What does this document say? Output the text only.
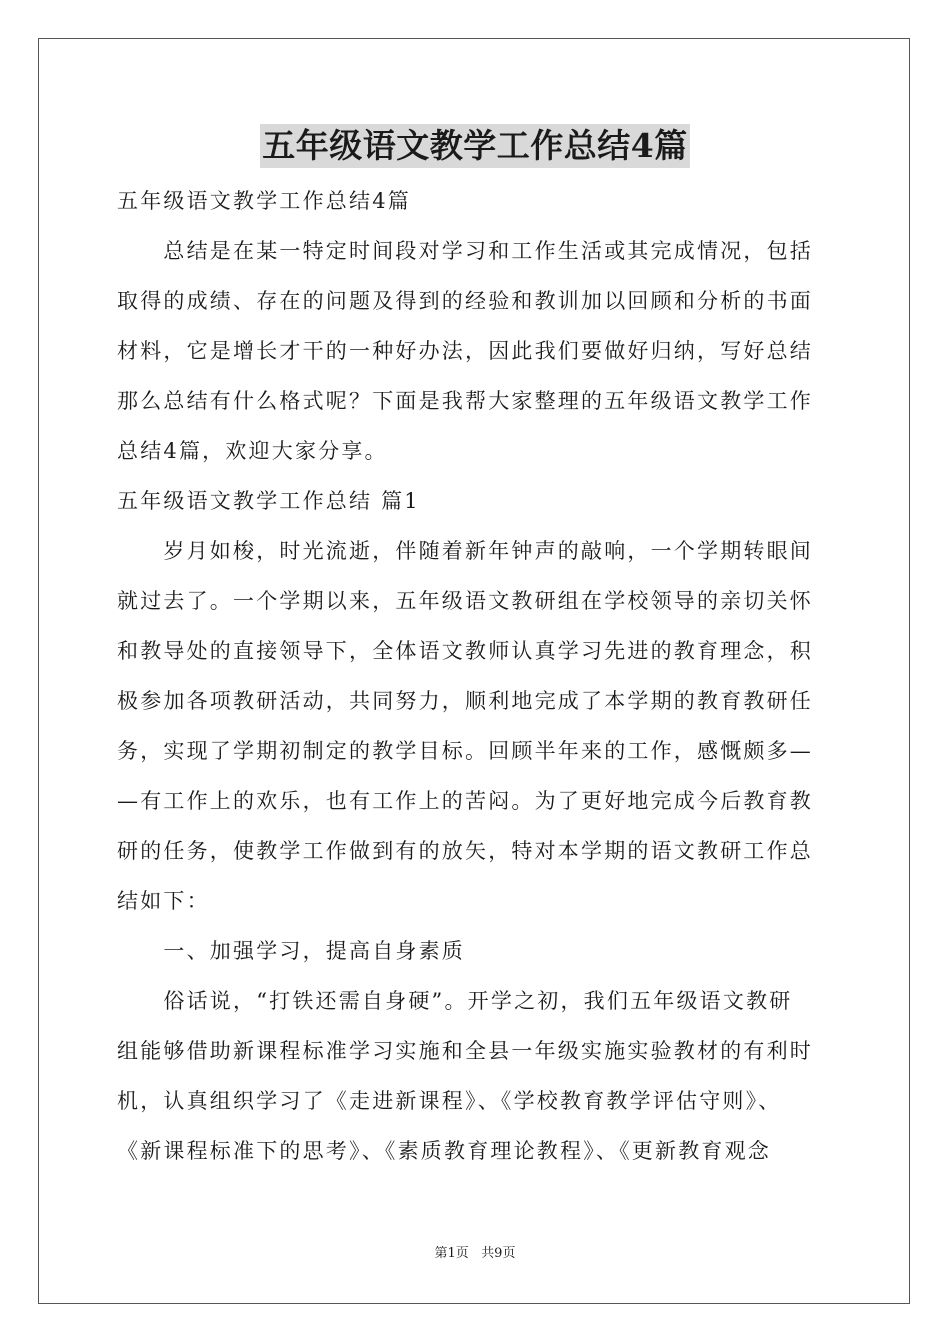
五年级语文教学工作总结4篇
五年级语文教学工作总结4篇
　　总结是在某一特定时间段对学习和工作生活或其完成情况，包括
取得的成绩、存在的问题及得到的经验和教训加以回顾和分析的书面
材料，它是增长才干的一种好办法，因此我们要做好归纳，写好总结
那么总结有什么格式呢？下面是我帮大家整理的五年级语文教学工作
总结4篇，欢迎大家分享。
五年级语文教学工作总结 篇1
　　岁月如梭，时光流逝，伴随着新年钟声的敲响，一个学期转眼间
就过去了。一个学期以来，五年级语文教研组在学校领导的亲切关怀
和教导处的直接领导下，全体语文教师认真学习先进的教育理念，积
极参加各项教研活动，共同努力，顺利地完成了本学期的教育教研任
务，实现了学期初制定的教学目标。回顾半年来的工作，感慨颇多—
—有工作上的欢乐，也有工作上的苦闷。为了更好地完成今后教育教
研的任务，使教学工作做到有的放矢，特对本学期的语文教研工作总
结如下：
　　一、加强学习，提高自身素质
　　俗话说，“打铁还需自身硬”。开学之初，我们五年级语文教研
组能够借助新课程标准学习实施和全县一年级实施实验教材的有利时
机，认真组织学习了《走进新课程》、《学校教育教学评估守则》、
《新课程标准下的思考》、《素质教育理论教程》、《更新教育观念
第1页   共9页
